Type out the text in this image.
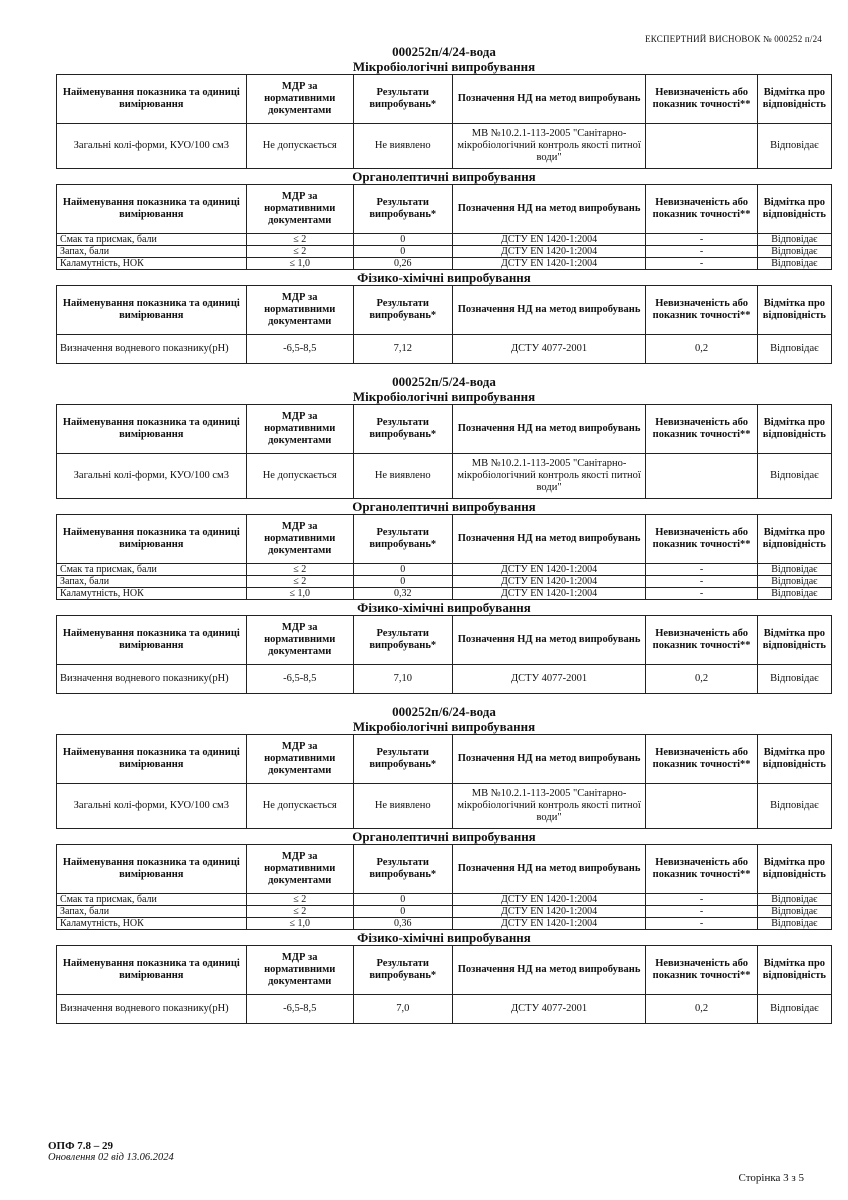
ЕКСПЕРТНИЙ ВИСНОВОК № 000252 п/24
000252п/4/24-вода
Мікробіологічні випробування
Найменування показника та одиниці вимірювання	МДР за нормативними документами	Результати випробувань*	Позначення НД на метод випробувань	Невизначеність або показник точності**	Відмітка про відповідність
Загальні колі-форми, КУО/100 см3	Не допускається	Не виявлено	МВ №10.2.1-113-2005 "Санітарно-мікробіологічний контроль якості питної води"		Відповідає
Органолептичні випробування
Найменування показника та одиниці вимірювання	МДР за нормативними документами	Результати випробувань*	Позначення НД на метод випробувань	Невизначеність або показник точності**	Відмітка про відповідність
Смак та присмак, бали	≤ 2	0	ДСТУ EN 1420-1:2004	-	Відповідає
Запах, бали	≤ 2	0	ДСТУ EN 1420-1:2004	-	Відповідає
Каламутність, НОК	≤ 1,0	0,26	ДСТУ EN 1420-1:2004	-	Відповідає
Фізико-хімічні випробування
Найменування показника та одиниці вимірювання	МДР за нормативними документами	Результати випробувань*	Позначення НД на метод випробувань	Невизначеність або показник точності**	Відмітка про відповідність
Визначення водневого показнику(pH)	-6,5-8,5	7,12	ДСТУ 4077-2001	0,2	Відповідає
000252п/5/24-вода
Мікробіологічні випробування
Найменування показника та одиниці вимірювання	МДР за нормативними документами	Результати випробувань*	Позначення НД на метод випробувань	Невизначеність або показник точності**	Відмітка про відповідність
Загальні колі-форми, КУО/100 см3	Не допускається	Не виявлено	МВ №10.2.1-113-2005 "Санітарно-мікробіологічний контроль якості питної води"		Відповідає
Органолептичні випробування
Найменування показника та одиниці вимірювання	МДР за нормативними документами	Результати випробувань*	Позначення НД на метод випробувань	Невизначеність або показник точності**	Відмітка про відповідність
Смак та присмак, бали	≤ 2	0	ДСТУ EN 1420-1:2004	-	Відповідає
Запах, бали	≤ 2	0	ДСТУ EN 1420-1:2004	-	Відповідає
Каламутність, НОК	≤ 1,0	0,32	ДСТУ EN 1420-1:2004	-	Відповідає
Фізико-хімічні випробування
Найменування показника та одиниці вимірювання	МДР за нормативними документами	Результати випробувань*	Позначення НД на метод випробувань	Невизначеність або показник точності**	Відмітка про відповідність
Визначення водневого показнику(pH)	-6,5-8,5	7,10	ДСТУ 4077-2001	0,2	Відповідає
000252п/6/24-вода
Мікробіологічні випробування
Найменування показника та одиниці вимірювання	МДР за нормативними документами	Результати випробувань*	Позначення НД на метод випробувань	Невизначеність або показник точності**	Відмітка про відповідність
Загальні колі-форми, КУО/100 см3	Не допускається	Не виявлено	МВ №10.2.1-113-2005 "Санітарно-мікробіологічний контроль якості питної води"		Відповідає
Органолептичні випробування
Найменування показника та одиниці вимірювання	МДР за нормативними документами	Результати випробувань*	Позначення НД на метод випробувань	Невизначеність або показник точності**	Відмітка про відповідність
Смак та присмак, бали	≤ 2	0	ДСТУ EN 1420-1:2004	-	Відповідає
Запах, бали	≤ 2	0	ДСТУ EN 1420-1:2004	-	Відповідає
Каламутність, НОК	≤ 1,0	0,36	ДСТУ EN 1420-1:2004	-	Відповідає
Фізико-хімічні випробування
Найменування показника та одиниці вимірювання	МДР за нормативними документами	Результати випробувань*	Позначення НД на метод випробувань	Невизначеність або показник точності**	Відмітка про відповідність
Визначення водневого показнику(pH)	-6,5-8,5	7,0	ДСТУ 4077-2001	0,2	Відповідає
ОПФ 7.8 – 29
Оновлення 02 від 13.06.2024
Сторінка 3 з 5
